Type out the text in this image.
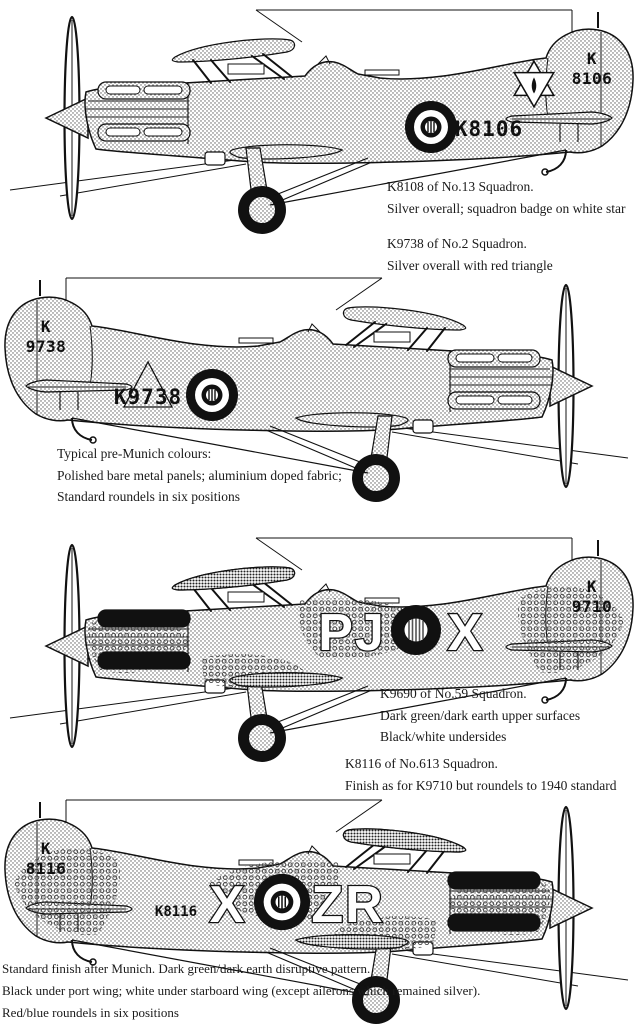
K8106
K
8106
K8108 of No.13 Squadron.
Silver overall; squadron badge on white star
K9738 of No.2 Squadron.
Silver overall with red triangle
K9738
K
9738
Typical pre-Munich colours:
Polished bare metal panels; aluminium doped fabric;
Standard roundels in six positions
PJ X
K
9710
K9690 of No.59 Squadron.
Dark green/dark earth upper surfaces
Black/white undersides
K8116 of No.613 Squadron.
Finish as for K9710 but roundels to 1940 standard
K8116 X ZR
K
8116
Standard finish after Munich. Dark green/dark earth disruptive pattern.
Black under port wing; white under starboard wing (except ailerons which remained silver).
Red/blue roundels in six positions
